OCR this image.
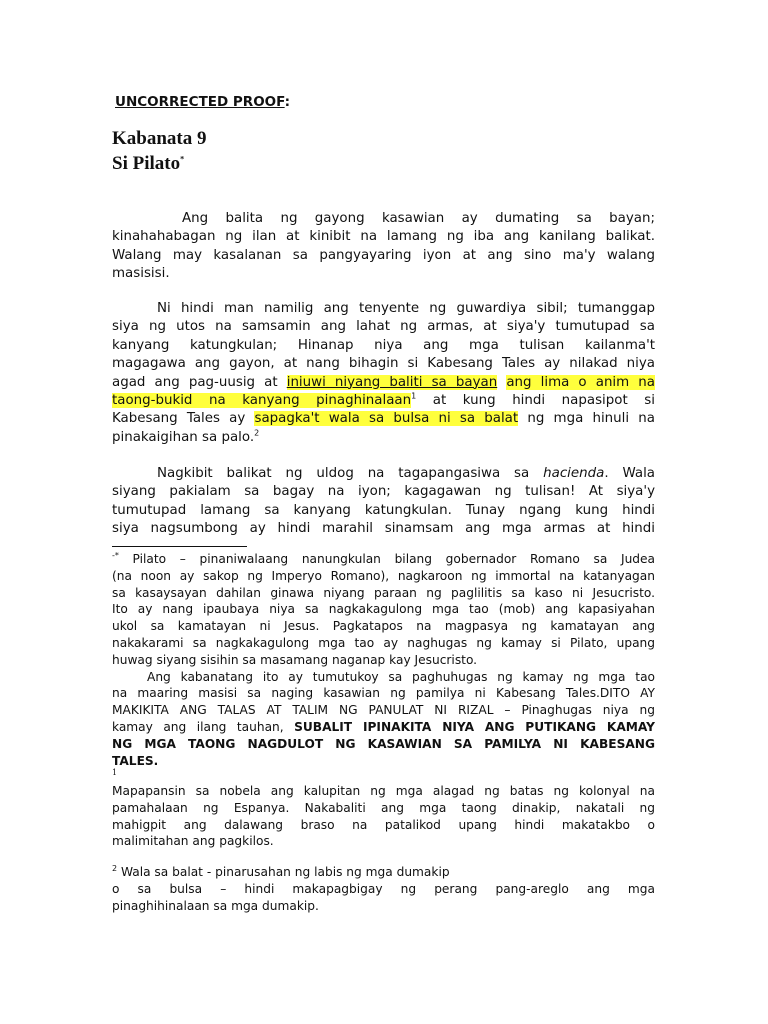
UNCORRECTED PROOF:
Kabanata 9
Si Pilato*
Ang balita ng gayong kasawian ay dumating sa bayan;
kinahahabagan ng ilan at kinibit na lamang ng iba ang kanilang balikat.
Walang may kasalanan sa pangyayaring iyon at ang sino ma'y walang
masisisi.
Ni hindi man namilig ang tenyente ng guwardiya sibil; tumanggap
siya ng utos na samsamin ang lahat ng armas, at siya'y tumutupad sa
kanyang katungkulan; Hinanap niya ang mga tulisan kailanma't
magagawa ang gayon, at nang bihagin si Kabesang Tales ay nilakad niya
agad ang pag-uusig at iniuwi niyang baliti sa bayan ang lima o anim na
taong-bukid na kanyang pinaghinalaan$^1$ at kung hindi napasipot si
Kabesang Tales ay sapagka't wala sa bulsa ni sa balat ng mga hinuli na
pinakaigihan sa palo.$^2$
Nagkibit balikat ng uldog na tagapangasiwa sa hacienda. Wala
siyang pakialam sa bagay na iyon; kagagawan ng tulisan! At siya'y
tumutupad lamang sa kanyang katungkulan. Tunay ngang kung hindi
siya nagsumbong ay hindi marahil sinamsam ang mga armas at hindi
-* Pilato – pinaniwalaang nanungkulan bilang gobernador Romano sa Judea
(na noon ay sakop ng Imperyo Romano), nagkaroon ng immortal na katanyagan
sa kasaysayan dahilan ginawa niyang paraan ng paglilitis sa kaso ni Jesucristo.
Ito ay nang ipaubaya niya sa nagkakagulong mga tao (mob) ang kapasiyahan
ukol sa kamatayan ni Jesus. Pagkatapos na magpasya ng kamatayan ang
nakakarami sa nagkakagulong mga tao ay naghugas ng kamay si Pilato, upang
huwag siyang sisihin sa masamang naganap kay Jesucristo.
Ang kabanatang ito ay tumutukoy sa paghuhugas ng kamay ng mga tao
na maaring masisi sa naging kasawian ng pamilya ni Kabesang Tales.DITO AY
MAKIKITA ANG TALAS AT TALIM NG PANULAT NI RIZAL – Pinaghugas niya ng
kamay ang ilang tauhan, SUBALIT IPINAKITA NIYA ANG PUTIKANG KAMAY
NG MGA TAONG NAGDULOT NG KASAWIAN SA PAMILYA NI KABESANG
TALES.
1
Mapapansin sa nobela ang kalupitan ng mga alagad ng batas ng kolonyal na
pamahalaan ng Espanya. Nakabaliti ang mga taong dinakip, nakatali ng
mahigpit ang dalawang braso na patalikod upang hindi makatakbo o
malimitahan ang pagkilos.
$^2$ Wala sa balat - pinarusahan ng labis ng mga dumakip
o sa bulsa – hindi makapagbigay ng perang pang-areglo ang mga
pinaghihinalaan sa mga dumakip.
